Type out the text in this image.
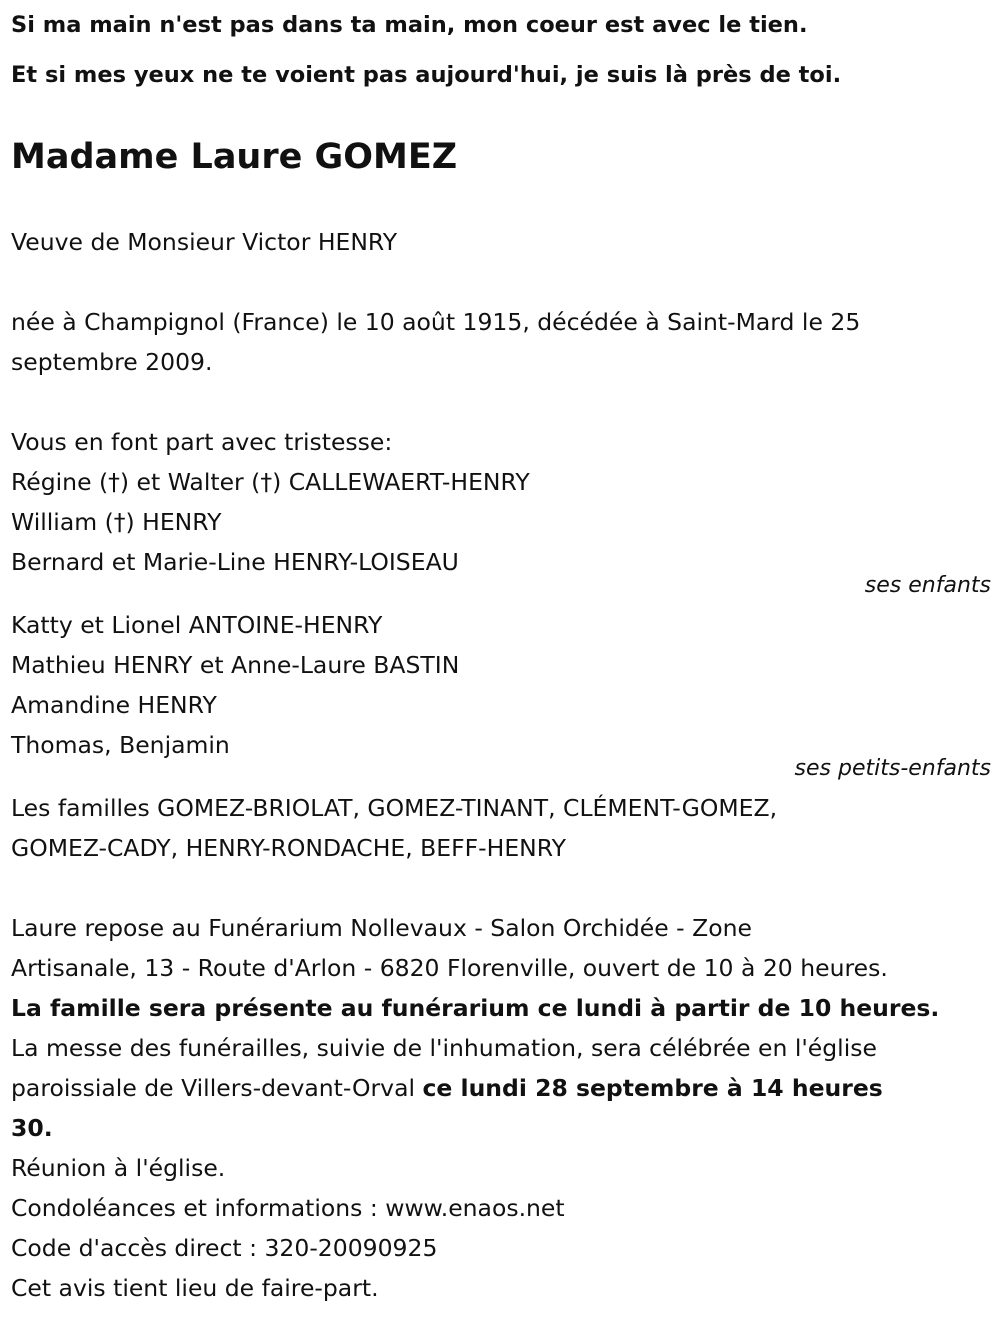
Si ma main n'est pas dans ta main, mon coeur est avec le tien.

Et si mes yeux ne te voient pas aujourd'hui, je suis là près de toi.

Madame Laure GOMEZ

Veuve de Monsieur Victor HENRY

née à Champignol (France) le 10 août 1915, décédée à Saint-Mard le 25

septembre 2009.

Vous en font part avec tristesse:

Régine (†) et Walter (†) CALLEWAERT-HENRY

William (†) HENRY

Bernard et Marie-Line HENRY-LOISEAU

ses enfants

Katty et Lionel ANTOINE-HENRY

Mathieu HENRY et Anne-Laure BASTIN

Amandine HENRY

Thomas, Benjamin

ses petits-enfants

Les familles GOMEZ-BRIOLAT, GOMEZ-TINANT, CLÉMENT-GOMEZ,

GOMEZ-CADY, HENRY-RONDACHE, BEFF-HENRY

Laure repose au Funérarium Nollevaux - Salon Orchidée - Zone

Artisanale, 13 - Route d'Arlon - 6820 Florenville, ouvert de 10 à 20 heures.

La famille sera présente au funérarium ce lundi à partir de 10 heures.

La messe des funérailles, suivie de l'inhumation, sera célébrée en l'église

paroissiale de Villers-devant-Orval ce lundi 28 septembre à 14 heures

30.

Réunion à l'église.

Condoléances et informations : www.enaos.net

Code d'accès direct : 320-20090925

Cet avis tient lieu de faire-part.
